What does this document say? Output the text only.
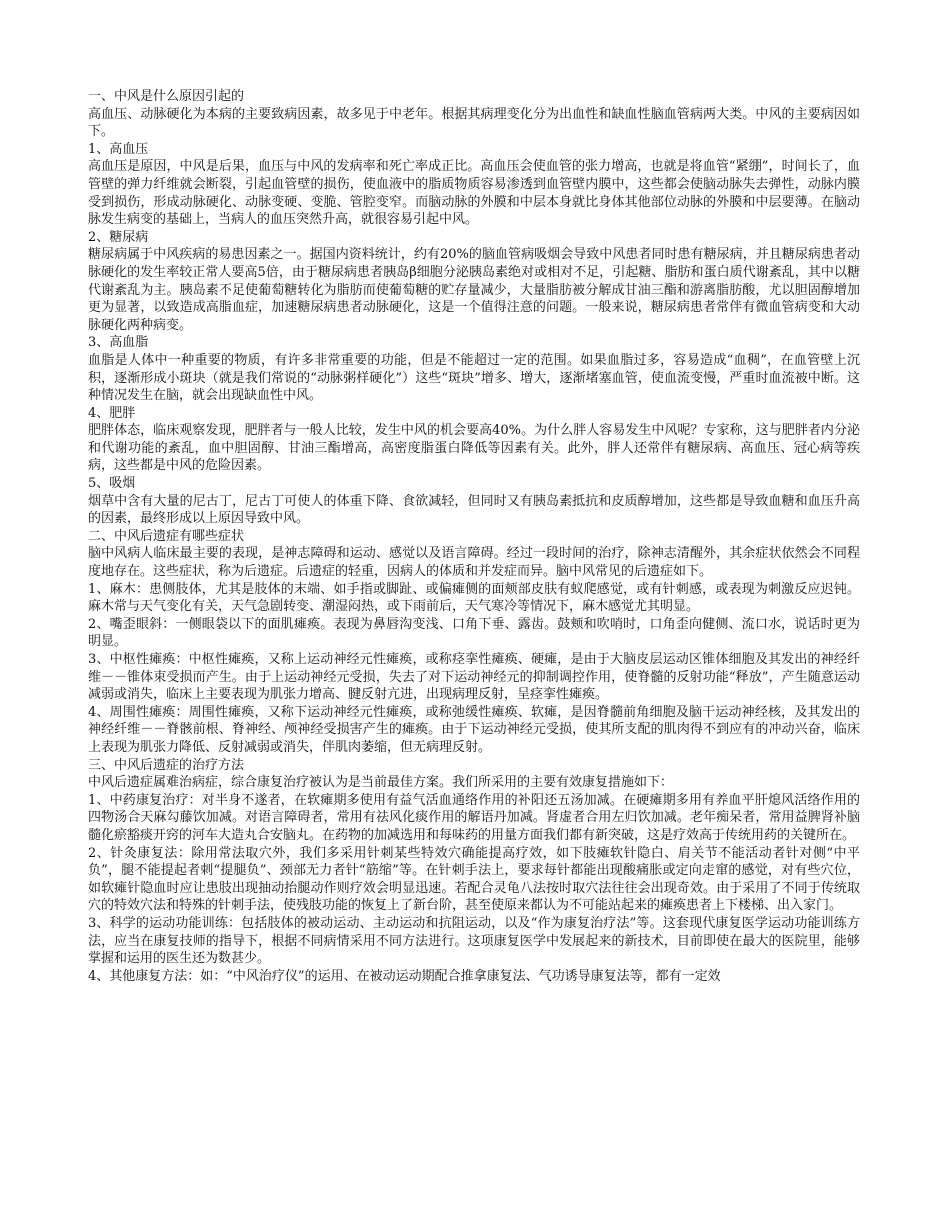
一、中风是什么原因引起的

高血压、动脉硬化为本病的主要致病因素，故多见于中老年。根据其病理变化分为出血性和缺血性脑血管病两大类。中风的主要病因如下。

1、高血压

高血压是原因，中风是后果，血压与中风的发病率和死亡率成正比。高血压会使血管的张力增高，也就是将血管“紧绷”，时间长了，血管壁的弹力纤维就会断裂，引起血管壁的损伤，使血液中的脂质物质容易渗透到血管壁内膜中，这些都会使脑动脉失去弹性，动脉内膜受到损伤，形成动脉硬化、动脉变硬、变脆、管腔变窄。而脑动脉的外膜和中层本身就比身体其他部位动脉的外膜和中层要薄。在脑动脉发生病变的基础上，当病人的血压突然升高，就很容易引起中风。

2、糖尿病

糖尿病属于中风疾病的易患因素之一。据国内资料统计，约有20%的脑血管病吸烟会导致中风患者同时患有糖尿病，并且糖尿病患者动脉硬化的发生率较正常人要高5倍，由于糖尿病患者胰岛β细胞分泌胰岛素绝对或相对不足，引起糖、脂肪和蛋白质代谢紊乱，其中以糖代谢紊乱为主。胰岛素不足使葡萄糖转化为脂肪而使葡萄糖的贮存量减少，大量脂肪被分解成甘油三酯和游离脂肪酸，尤以胆固醇增加更为显著，以致造成高脂血症，加速糖尿病患者动脉硬化，这是一个值得注意的问题。一般来说，糖尿病患者常伴有微血管病变和大动脉硬化两种病变。

3、高血脂

血脂是人体中一种重要的物质，有许多非常重要的功能，但是不能超过一定的范围。如果血脂过多，容易造成“血稠”，在血管壁上沉积，逐渐形成小斑块（就是我们常说的“动脉粥样硬化”）这些“斑块”增多、增大，逐渐堵塞血管，使血流变慢，严重时血流被中断。这种情况发生在脑，就会出现缺血性中风。

4、肥胖

肥胖体态，临床观察发现，肥胖者与一般人比较，发生中风的机会要高40%。为什么胖人容易发生中风呢？专家称，这与肥胖者内分泌和代谢功能的紊乱，血中胆固醇、甘油三酯增高，高密度脂蛋白降低等因素有关。此外，胖人还常伴有糖尿病、高血压、冠心病等疾病，这些都是中风的危险因素。

5、吸烟

烟草中含有大量的尼古丁，尼古丁可使人的体重下降、食欲减轻，但同时又有胰岛素抵抗和皮质醇增加，这些都是导致血糖和血压升高的因素，最终形成以上原因导致中风。

二、中风后遗症有哪些症状

脑中风病人临床最主要的表现，是神志障碍和运动、感觉以及语言障碍。经过一段时间的治疗，除神志清醒外，其余症状依然会不同程度地存在。这些症状，称为后遗症。后遗症的轻重，因病人的体质和并发症而异。脑中风常见的后遗症如下。

1、麻木：患侧肢体，尤其是肢体的末端、如手指或脚趾、或偏瘫侧的面颊部皮肤有蚁爬感觉，或有针刺感，或表现为刺激反应迟钝。麻木常与天气变化有关，天气急剧转变、潮湿闷热，或下雨前后，天气寒冷等情况下，麻木感觉尤其明显。

2、嘴歪眼斜：一侧眼袋以下的面肌瘫痪。表现为鼻唇沟变浅、口角下垂、露齿。鼓颊和吹哨时，口角歪向健侧、流口水，说话时更为明显。

3、中枢性瘫痪：中枢性瘫痪，又称上运动神经元性瘫痪，或称痉挛性瘫痪、硬瘫，是由于大脑皮层运动区锥体细胞及其发出的神经纤维－－锥体束受损而产生。由于上运动神经元受损，失去了对下运动神经元的抑制调控作用，使脊髓的反射功能“释放”，产生随意运动减弱或消失，临床上主要表现为肌张力增高、腱反射亢进，出现病理反射，呈痉挛性瘫痪。

4、周围性瘫痪：周围性瘫痪，又称下运动神经元性瘫痪，或称弛缓性瘫痪、软瘫，是因脊髓前角细胞及脑干运动神经核，及其发出的神经纤维－－脊骸前根、脊神经、颅神经受损害产生的瘫痪。由于下运动神经元受损，使其所支配的肌肉得不到应有的冲动兴奋，临床上表现为肌张力降低、反射减弱或消失，伴肌肉萎缩，但无病理反射。

三、中风后遗症的治疗方法

中风后遗症属难治病症，综合康复治疗被认为是当前最佳方案。我们所采用的主要有效康复措施如下：

1、中药康复治疗：对半身不遂者，在软瘫期多使用有益气活血通络作用的补阳还五汤加减。在硬瘫期多用有养血平肝熄风活络作用的四物汤合天麻勾藤饮加减。对语言障碍者，常用有祛风化痰作用的解语丹加减。肾虚者合用左归饮加减。老年痴呆者，常用益脾肾补脑髓化瘀豁痰开窍的河车大造丸合安脑丸。在药物的加减选用和每味药的用量方面我们都有新突破，这是疗效高于传统用药的关键所在。

2、针灸康复法：除用常法取穴外，我们多采用针刺某些特效穴确能提高疗效，如下肢瘫软针隐白、肩关节不能活动者针对侧“中平负”，腿不能提起者刺“提腿负”、颈部无力者针“筋缩”等。在针刺手法上，要求每针都能出现酸痛胀或定向走窜的感觉，对有些穴位，如软瘫针隐血时应让患肢出现抽动抬腿动作则疗效会明显迅速。若配合灵龟八法按时取穴法往往会出现奇效。由于采用了不同于传统取穴的特效穴法和特殊的针刺手法，使残肢功能的恢复上了新台阶，甚至使原来都认为不可能站起来的瘫痪患者上下楼梯、出入家门。

3、科学的运动功能训练：包括肢体的被动运动、主动运动和抗阻运动，以及“作为康复治疗法”等。这套现代康复医学运动功能训练方法，应当在康复技师的指导下，根据不同病情采用不同方法进行。这项康复医学中发展起来的新技术，目前即使在最大的医院里，能够掌握和运用的医生还为数甚少。

4、其他康复方法：如：“中风治疗仪”的运用、在被动运动期配合推拿康复法、气功诱导康复法等，都有一定效
